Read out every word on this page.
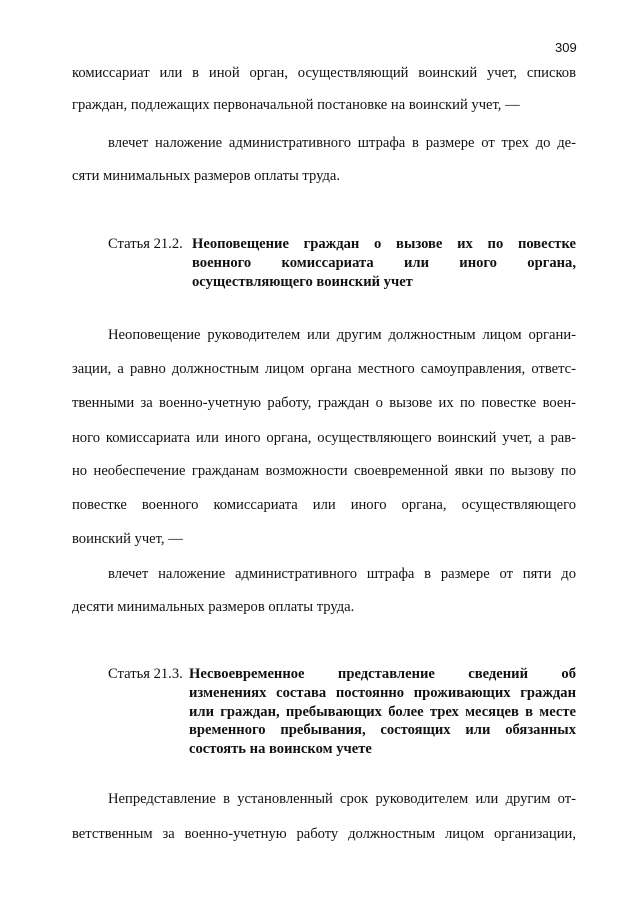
309
комиссариат или в иной орган, осуществляющий воинский учет, списков
граждан, подлежащих первоначальной постановке на воинский учет, —
влечет наложение административного штрафа в размере от трех до де-
сяти минимальных размеров оплаты труда.
Статья 21.2. Неоповещение граждан о вызове их по повестке
военного комиссариата или иного органа,
осуществляющего воинский учет
Неоповещение руководителем или другим должностным лицом органи-
зации, а равно должностным лицом органа местного самоуправления, ответс-
твенными за военно-учетную работу, граждан о вызове их по повестке воен-
ного комиссариата или иного органа, осуществляющего воинский учет, а рав-
но необеспечение гражданам возможности своевременной явки по вызову по
повестке военного комиссариата или иного органа, осуществляющего
воинский учет, —
влечет наложение административного штрафа в размере от пяти до
десяти минимальных размеров оплаты труда.
Статья 21.3. Несвоевременное представление сведений об
изменениях состава постоянно проживающих граждан
или граждан, пребывающих более трех месяцев в месте
временного пребывания, состоящих или обязанных
состоять на воинском учете
Непредставление в установленный срок руководителем или другим от-
ветственным за военно-учетную работу должностным лицом организации,
